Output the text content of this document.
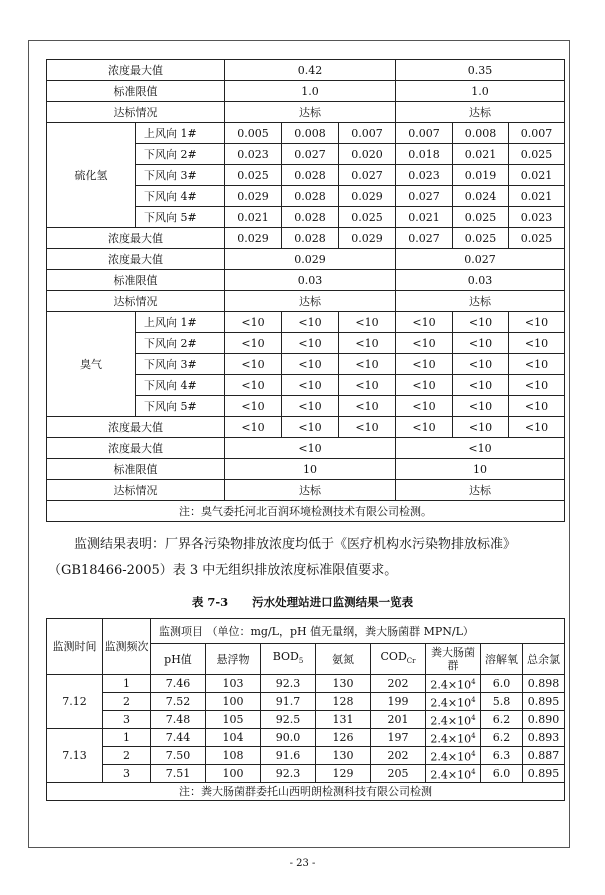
浓度最大值		0.42			0.35		
标准限值		1.0			1.0		
达标情况		达标			达标		
硫化氢	上风向 1#	0.005	0.008	0.007	0.007	0.008	0.007
	下风向 2#	0.023	0.027	0.020	0.018	0.021	0.025
	下风向 3#	0.025	0.028	0.027	0.023	0.019	0.021
	下风向 4#	0.029	0.028	0.029	0.027	0.024	0.021
	下风向 5#	0.021	0.028	0.025	0.021	0.025	0.023
浓度最大值		0.029	0.028	0.029	0.027	0.025	0.025
浓度最大值		0.029			0.027		
标准限值		0.03			0.03		
达标情况		达标			达标		
臭气	上风向 1#	<10	<10	<10	<10	<10	<10
	下风向 2#	<10	<10	<10	<10	<10	<10
	下风向 3#	<10	<10	<10	<10	<10	<10
	下风向 4#	<10	<10	<10	<10	<10	<10
	下风向 5#	<10	<10	<10	<10	<10	<10
浓度最大值		<10	<10	<10	<10	<10	<10
浓度最大值		<10			<10		
标准限值		10			10		
达标情况		达标			达标		
注：臭气委托河北百润环境检测技术有限公司检测。							
监测结果表明：厂界各污染物排放浓度均低于《医疗机构水污染物排放标准》（GB18466-2005）表 3 中无组织排放浓度标准限值要求。
表 7-3 污水处理站进口监测结果一览表
监测时间	监测频次	监测项目 （单位：mg/L，pH 值无量纲，粪大肠菌群 MPN/L）							
		pH值	悬浮物	$BOD_5$	氨氮	$COD_{Cr}$	粪大肠菌群	溶解氧	总余氯
7.12	1	7.46	103	92.3	130	202	$2.4\times 10^4$	6.0	0.898
	2	7.52	100	91.7	128	199	$2.4\times 10^4$	5.8	0.895
	3	7.48	105	92.5	131	201	$2.4\times 10^4$	6.2	0.890
7.13	1	7.44	104	90.0	126	197	$2.4\times 10^4$	6.2	0.893
	2	7.50	108	91.6	130	202	$2.4\times 10^4$	6.3	0.887
	3	7.51	100	92.3	129	205	$2.4\times 10^4$	6.0	0.895
注：粪大肠菌群委托山西明朗检测科技有限公司检测									
- 23 -
